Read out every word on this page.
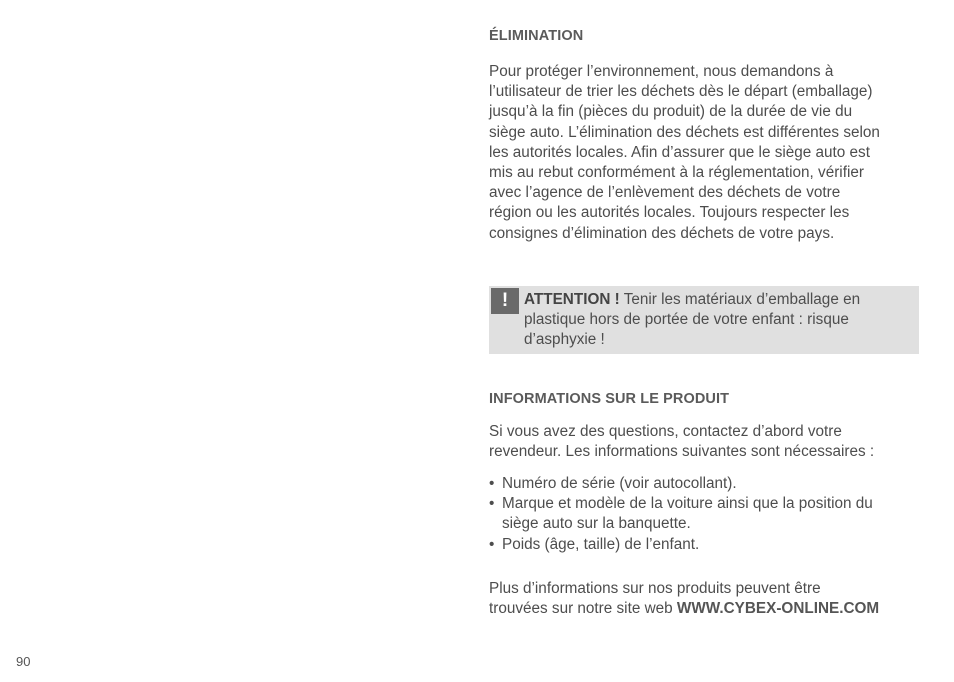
ÉLIMINATION
Pour protéger l’environnement, nous demandons à
l’utilisateur de trier les déchets dès le départ (emballage)
jusqu’à la fin (pièces du produit) de la durée de vie du
siège auto. L’élimination des déchets est différentes selon
les autorités locales. Afin d’assurer que le siège auto est
mis au rebut conformément à la réglementation, vérifier
avec l’agence de l’enlèvement des déchets de votre
région ou les autorités locales. Toujours respecter les
consignes d’élimination des déchets de votre pays.
!	ATTENTION ! Tenir les matériaux d’emballage en
plastique hors de portée de votre enfant : risque
d’asphyxie !
INFORMATIONS SUR LE PRODUIT
Si vous avez des questions, contactez d’abord votre
revendeur. Les informations suivantes sont nécessaires :
• Numéro de série (voir autocollant).
• Marque et modèle de la voiture ainsi que la position du
siège auto sur la banquette.
• Poids (âge, taille) de l’enfant.
Plus d’informations sur nos produits peuvent être
trouvées sur notre site web WWW.CYBEX-ONLINE.COM
90
